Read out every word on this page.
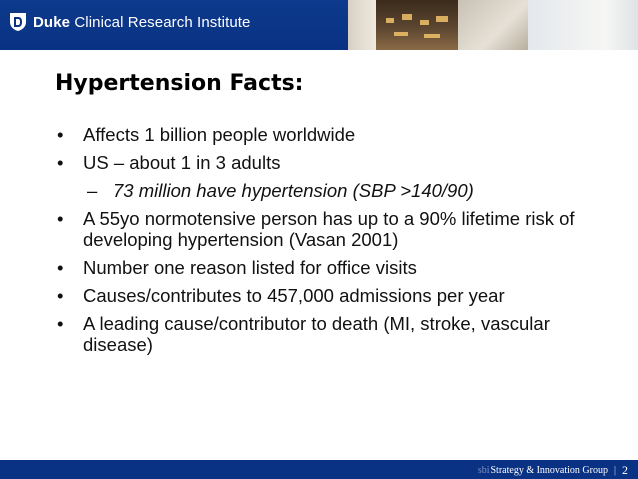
Duke Clinical Research Institute
Hypertension Facts:
•	Affects 1 billion people worldwide
•	US – about 1 in 3 adults
– 73 million have hypertension (SBP >140/90)
•	A 55yo normotensive person has up to a 90% lifetime risk of developing hypertension (Vasan 2001)
•	Number one reason listed for office visits
•	Causes/contributes to 457,000 admissions per year
•	A leading cause/contributor to death (MI, stroke, vascular disease)
sbi Strategy & Innovation Group | 2
